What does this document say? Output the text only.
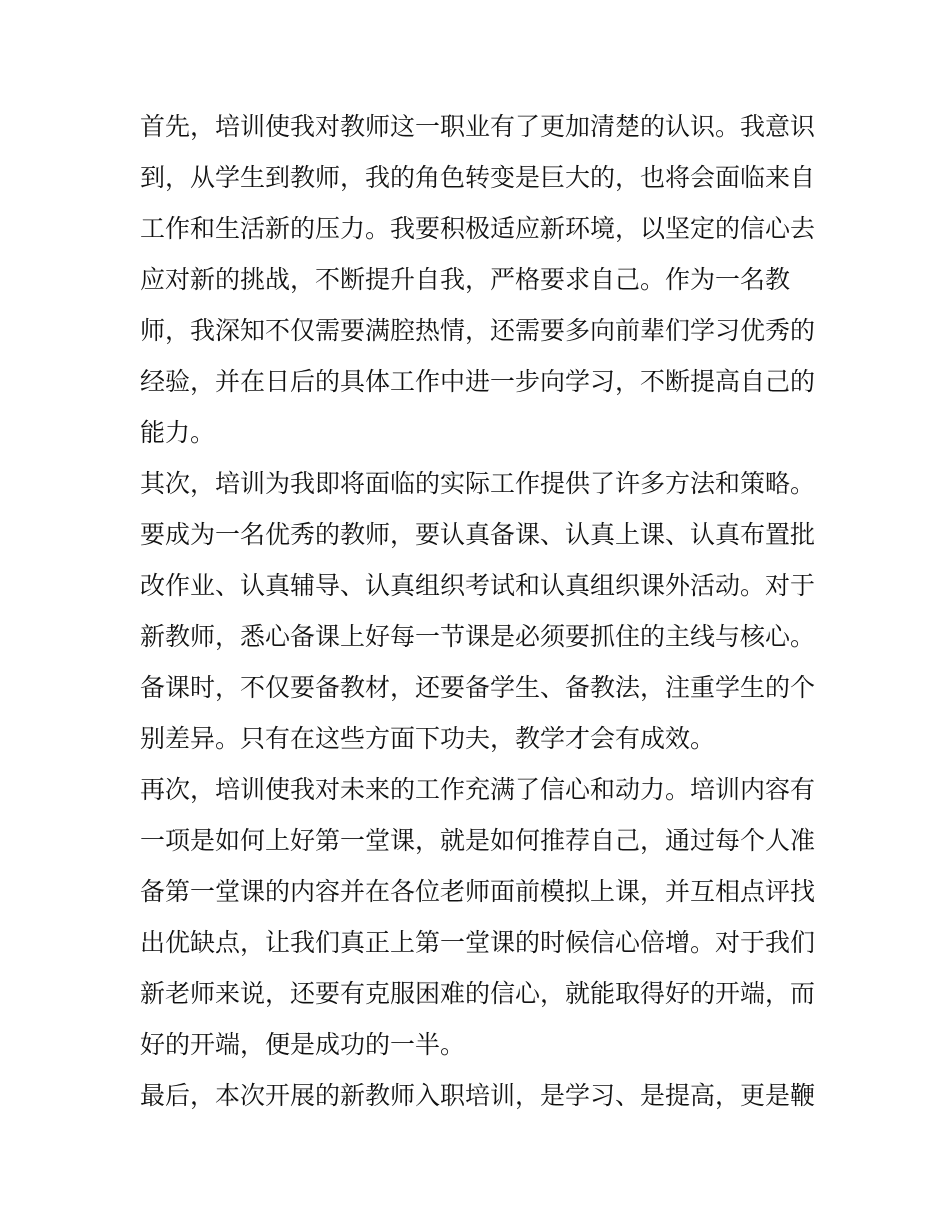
首先，培训使我对教师这一职业有了更加清楚的认识。我意识
到，从学生到教师，我的角色转变是巨大的，也将会面临来自
工作和生活新的压力。我要积极适应新环境，以坚定的信心去
应对新的挑战，不断提升自我，严格要求自己。作为一名教
师，我深知不仅需要满腔热情，还需要多向前辈们学习优秀的
经验，并在日后的具体工作中进一步向学习，不断提高自己的
能力。
其次，培训为我即将面临的实际工作提供了许多方法和策略。
要成为一名优秀的教师，要认真备课、认真上课、认真布置批
改作业、认真辅导、认真组织考试和认真组织课外活动。对于
新教师，悉心备课上好每一节课是必须要抓住的主线与核心。
备课时，不仅要备教材，还要备学生、备教法，注重学生的个
别差异。只有在这些方面下功夫，教学才会有成效。
再次，培训使我对未来的工作充满了信心和动力。培训内容有
一项是如何上好第一堂课，就是如何推荐自己，通过每个人准
备第一堂课的内容并在各位老师面前模拟上课，并互相点评找
出优缺点，让我们真正上第一堂课的时候信心倍增。对于我们
新老师来说，还要有克服困难的信心，就能取得好的开端，而
好的开端，便是成功的一半。
最后，本次开展的新教师入职培训，是学习、是提高，更是鞭
